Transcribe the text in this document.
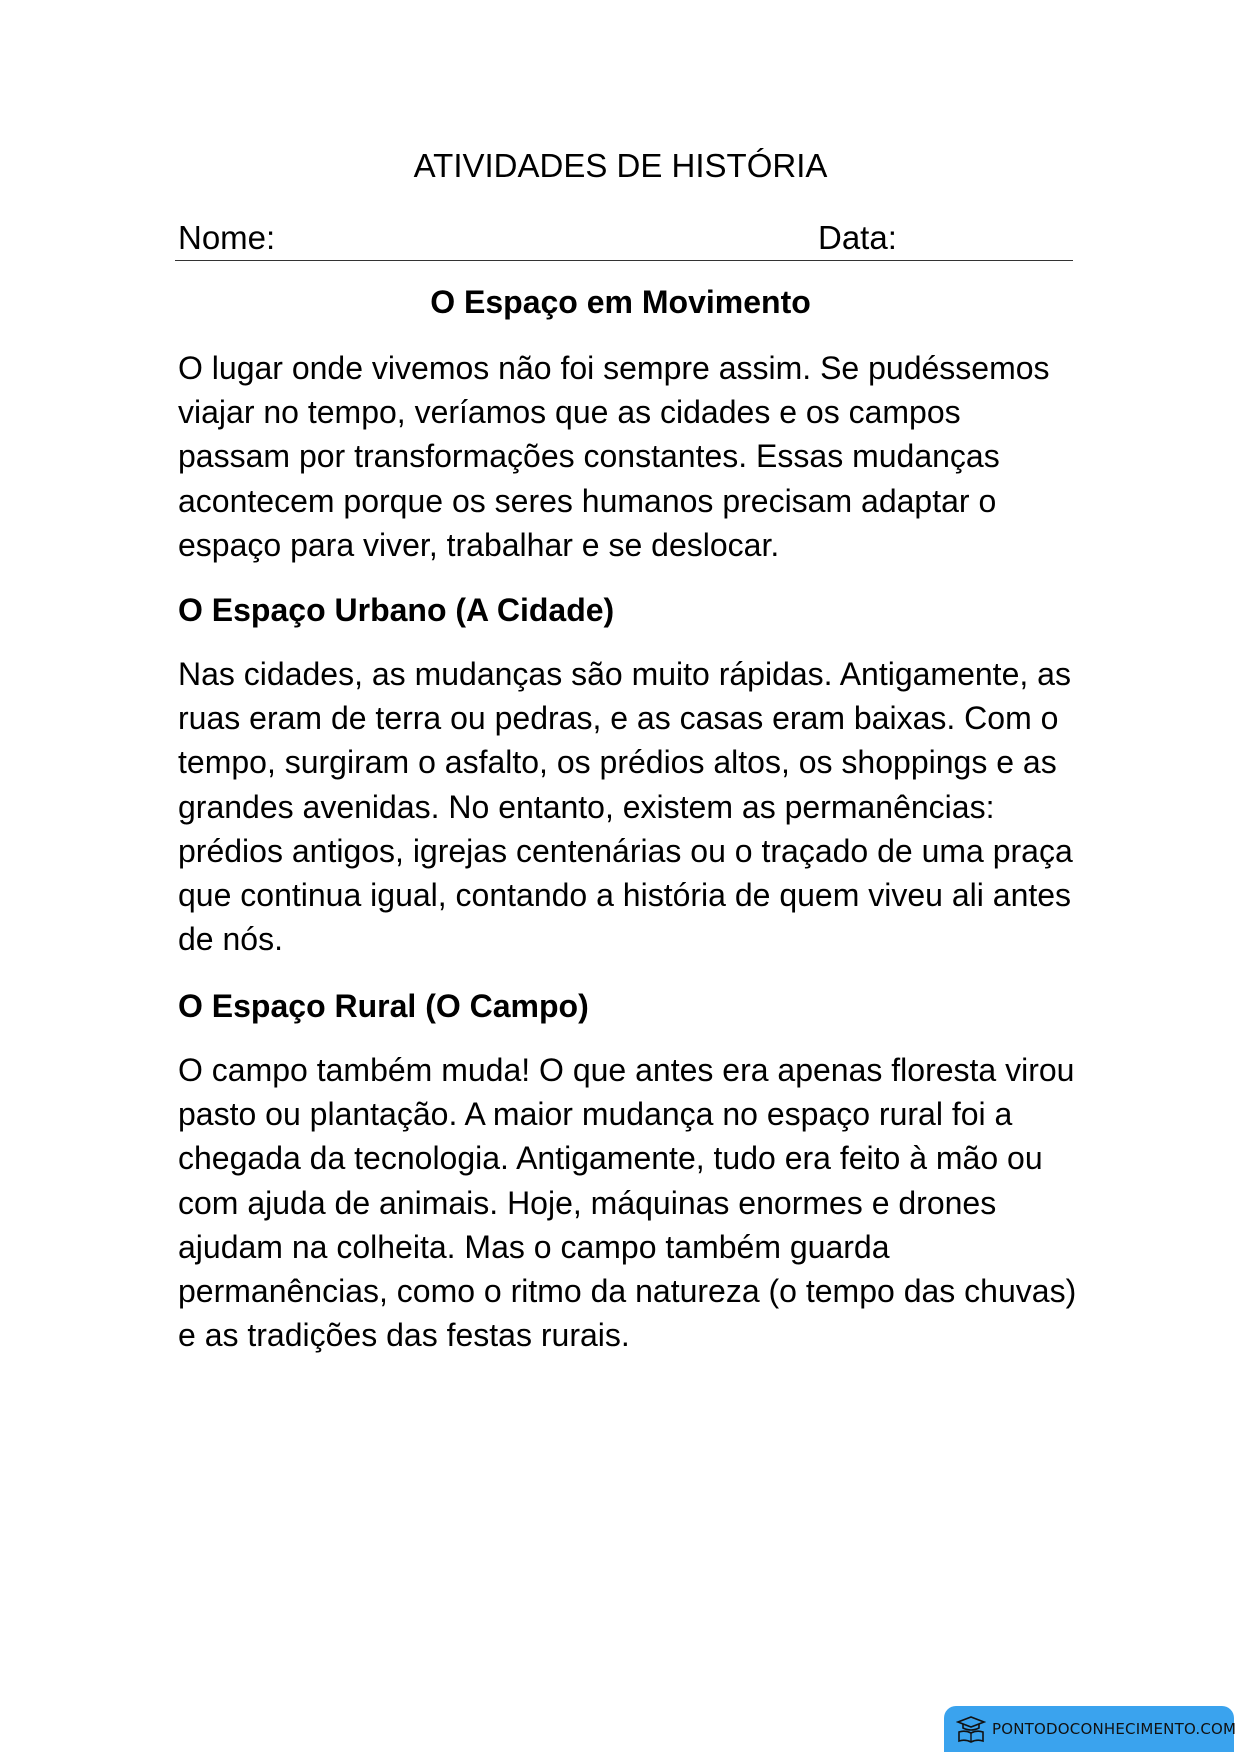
ATIVIDADES DE HISTÓRIA
Nome:	Data:
O Espaço em Movimento

O lugar onde vivemos não foi sempre assim. Se pudéssemos viajar no tempo, veríamos que as cidades e os campos passam por transformações constantes. Essas mudanças acontecem porque os seres humanos precisam adaptar o espaço para viver, trabalhar e se deslocar.

O Espaço Urbano (A Cidade)

Nas cidades, as mudanças são muito rápidas. Antigamente, as ruas eram de terra ou pedras, e as casas eram baixas. Com o tempo, surgiram o asfalto, os prédios altos, os shoppings e as grandes avenidas. No entanto, existem as permanências: prédios antigos, igrejas centenárias ou o traçado de uma praça que continua igual, contando a história de quem viveu ali antes de nós.

O Espaço Rural (O Campo)

O campo também muda! O que antes era apenas floresta virou pasto ou plantação. A maior mudança no espaço rural foi a chegada da tecnologia. Antigamente, tudo era feito à mão ou com ajuda de animais. Hoje, máquinas enormes e drones ajudam na colheita. Mas o campo também guarda permanências, como o ritmo da natureza (o tempo das chuvas) e as tradições das festas rurais.

PONTODOCONHECIMENTO.COM
